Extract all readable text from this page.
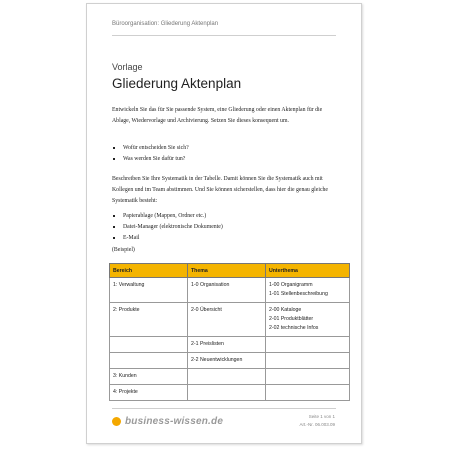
Büroorganisation: Gliederung Aktenplan
Vorlage
Gliederung Aktenplan

Entwickeln Sie das für Sie passende System, eine Gliederung oder einen Aktenplan für die Ablage, Wiedervorlage und Archivierung. Setzen Sie dieses konsequent um.

Wofür entscheiden Sie sich?
Was werden Sie dafür tun?

Beschreiben Sie Ihre Systematik in der Tabelle. Damit können Sie die Systematik auch mit Kollegen und im Team abstimmen. Und Sie können sicherstellen, dass hier die genau gleiche Systematik besteht:

Papierablage (Mappen, Ordner etc.)
Datei-Manager (elektronische Dokumente)
E-Mail

(Beispiel)

Bereich	Thema	Unterthema
1: Verwaltung	1-0 Organisation	1-00 Organigramm
1-01 Stellenbeschreibung
2: Produkte	2-0 Übersicht	2-00 Kataloge
2-01 Produktblätter
2-02 technische Infos
	2-1 Preislisten	
	2-2 Neuentwicklungen	
3: Kunden		
4: Projekte		
business-wissen.de	Seite 1 von 1
Art.-Nr. 06.003.09
